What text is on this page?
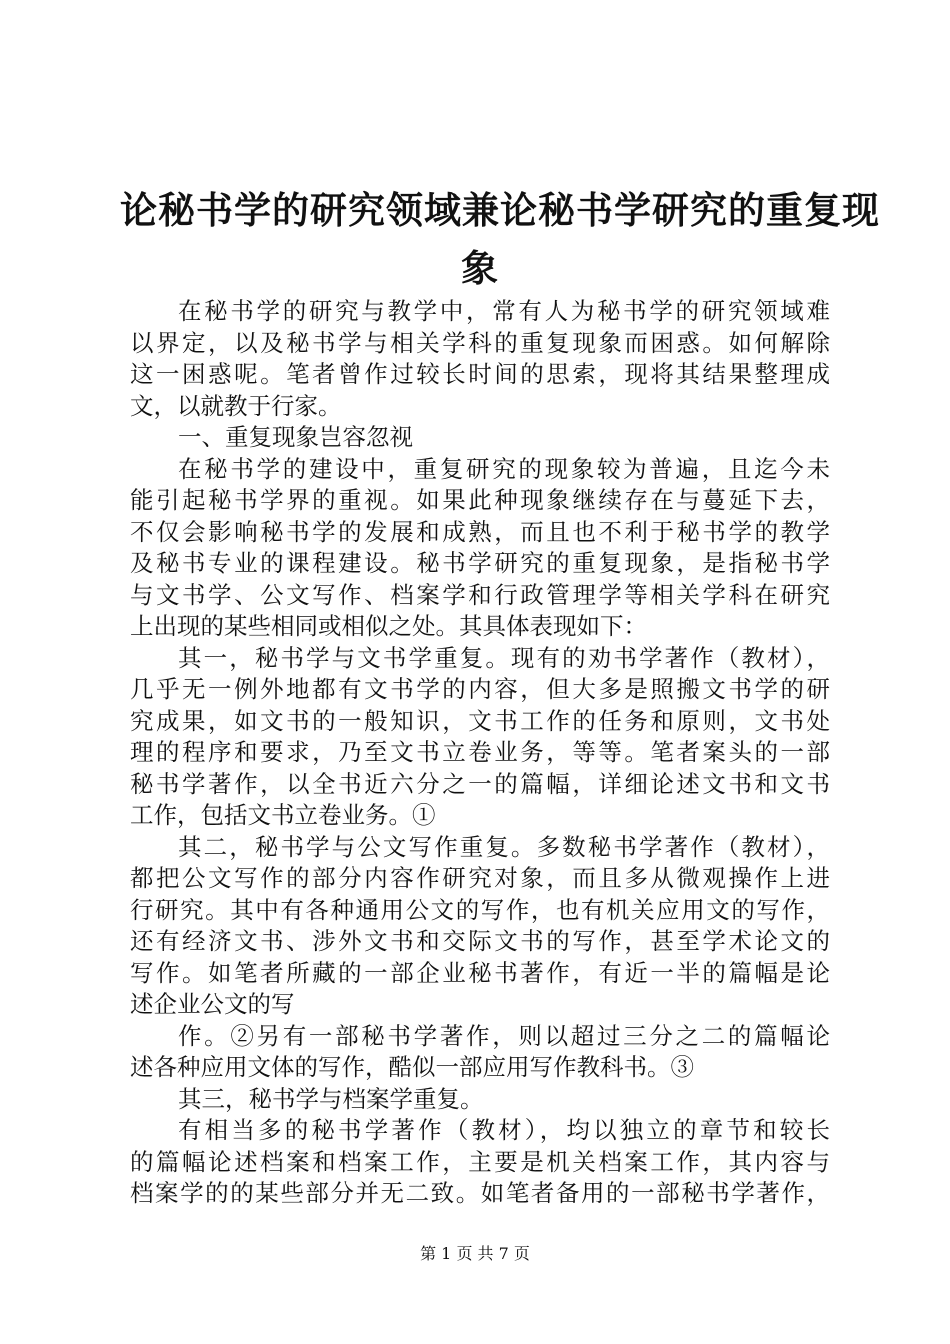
论秘书学的研究领域兼论秘书学研究的重复现
象
在秘书学的研究与教学中，常有人为秘书学的研究领域难
以界定，以及秘书学与相关学科的重复现象而困惑。如何解除
这一困惑呢。笔者曾作过较长时间的思索，现将其结果整理成
文，以就教于行家。
一、重复现象岂容忽视
在秘书学的建设中，重复研究的现象较为普遍，且迄今未
能引起秘书学界的重视。如果此种现象继续存在与蔓延下去，
不仅会影响秘书学的发展和成熟，而且也不利于秘书学的教学
及秘书专业的课程建设。秘书学研究的重复现象，是指秘书学
与文书学、公文写作、档案学和行政管理学等相关学科在研究
上出现的某些相同或相似之处。其具体表现如下：
其一，秘书学与文书学重复。现有的劝书学著作（教材），
几乎无一例外地都有文书学的内容，但大多是照搬文书学的研
究成果，如文书的一般知识，文书工作的任务和原则，文书处
理的程序和要求，乃至文书立卷业务，等等。笔者案头的一部
秘书学著作，以全书近六分之一的篇幅，详细论述文书和文书
工作，包括文书立卷业务。①
其二，秘书学与公文写作重复。多数秘书学著作（教材），
都把公文写作的部分内容作研究对象，而且多从微观操作上进
行研究。其中有各种通用公文的写作，也有机关应用文的写作，
还有经济文书、涉外文书和交际文书的写作，甚至学术论文的
写作。如笔者所藏的一部企业秘书著作，有近一半的篇幅是论
述企业公文的写
作。②另有一部秘书学著作，则以超过三分之二的篇幅论
述各种应用文体的写作，酷似一部应用写作教科书。③
其三，秘书学与档案学重复。
有相当多的秘书学著作（教材），均以独立的章节和较长
的篇幅论述档案和档案工作，主要是机关档案工作，其内容与
档案学的的某些部分并无二致。如笔者备用的一部秘书学著作，
第 1 页 共 7 页
